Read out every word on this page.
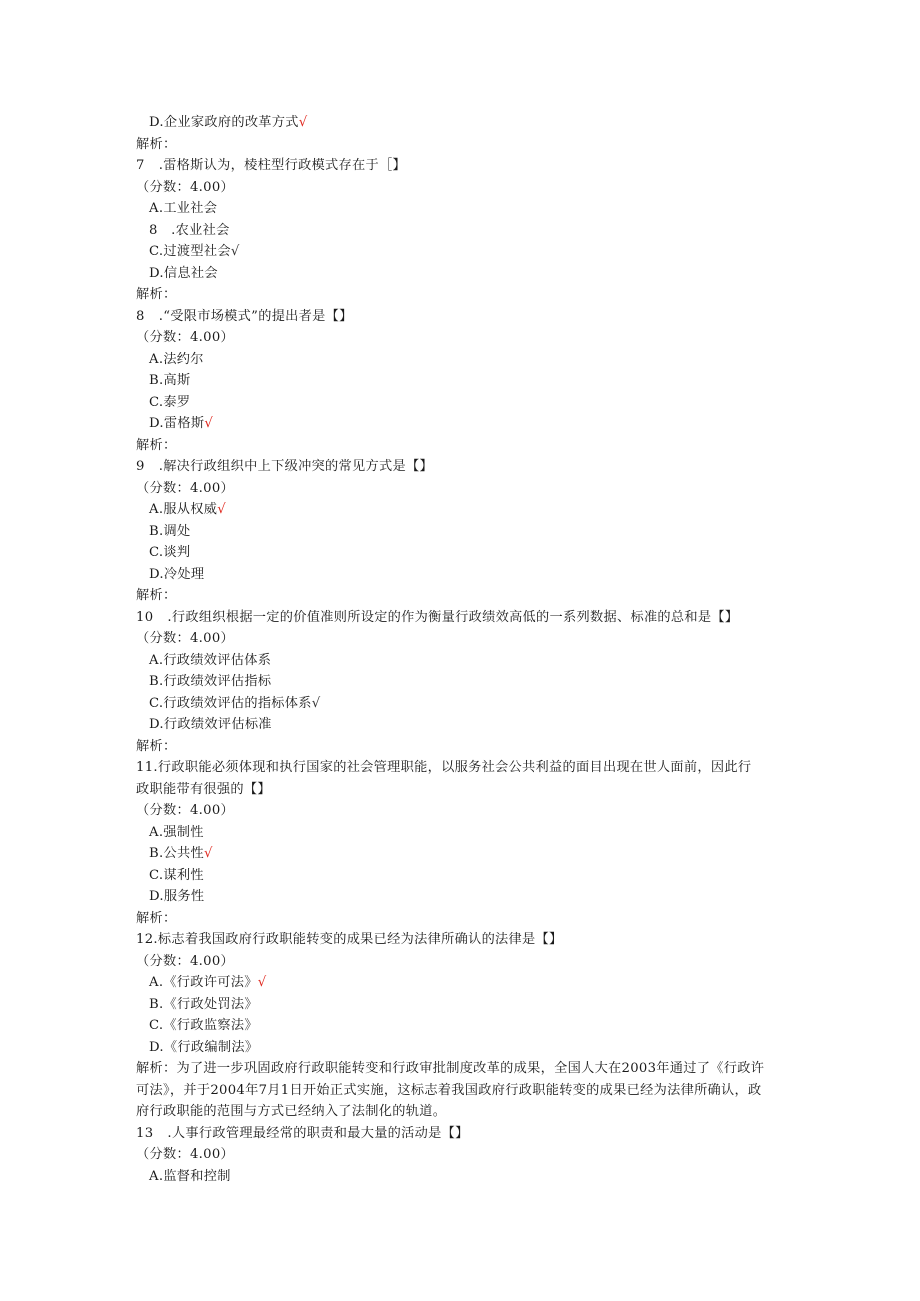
D.企业家政府的改革方式√
解析：
7 .雷格斯认为，棱柱型行政模式存在于［】
（分数：4.00）
A.工业社会
8　.农业社会
C.过渡型社会√
D.信息社会
解析：
8 .“受限市场模式”的提出者是【】
（分数：4.00）
A.法约尔
B.高斯
C.泰罗
D.雷格斯√
解析：
9 .解决行政组织中上下级冲突的常见方式是【】
（分数：4.00）
A.服从权威√
B.调处
C.谈判
D.冷处理
解析：
10 .行政组织根据一定的价值准则所设定的作为衡量行政绩效高低的一系列数据、标准的总和是【】
（分数：4.00）
A.行政绩效评估体系
B.行政绩效评估指标
C.行政绩效评估的指标体系√
D.行政绩效评估标准
解析：
11.行政职能必须体现和执行国家的社会管理职能，以服务社会公共利益的面目出现在世人面前，因此行
政职能带有很强的【】
（分数：4.00）
A.强制性
B.公共性√
C.谋利性
D.服务性
解析：
12.标志着我国政府行政职能转变的成果已经为法律所确认的法律是【】
（分数：4.00）
A.《行政许可法》√
B.《行政处罚法》
C.《行政监察法》
D.《行政编制法》
解析：为了进一步巩固政府行政职能转变和行政审批制度改革的成果，全国人大在2003年通过了《行政许
可法》，并于2004年7月1日开始正式实施，这标志着我国政府行政职能转变的成果已经为法律所确认，政
府行政职能的范围与方式已经纳入了法制化的轨道。
13 .人事行政管理最经常的职责和最大量的活动是【】
（分数：4.00）
A.监督和控制
